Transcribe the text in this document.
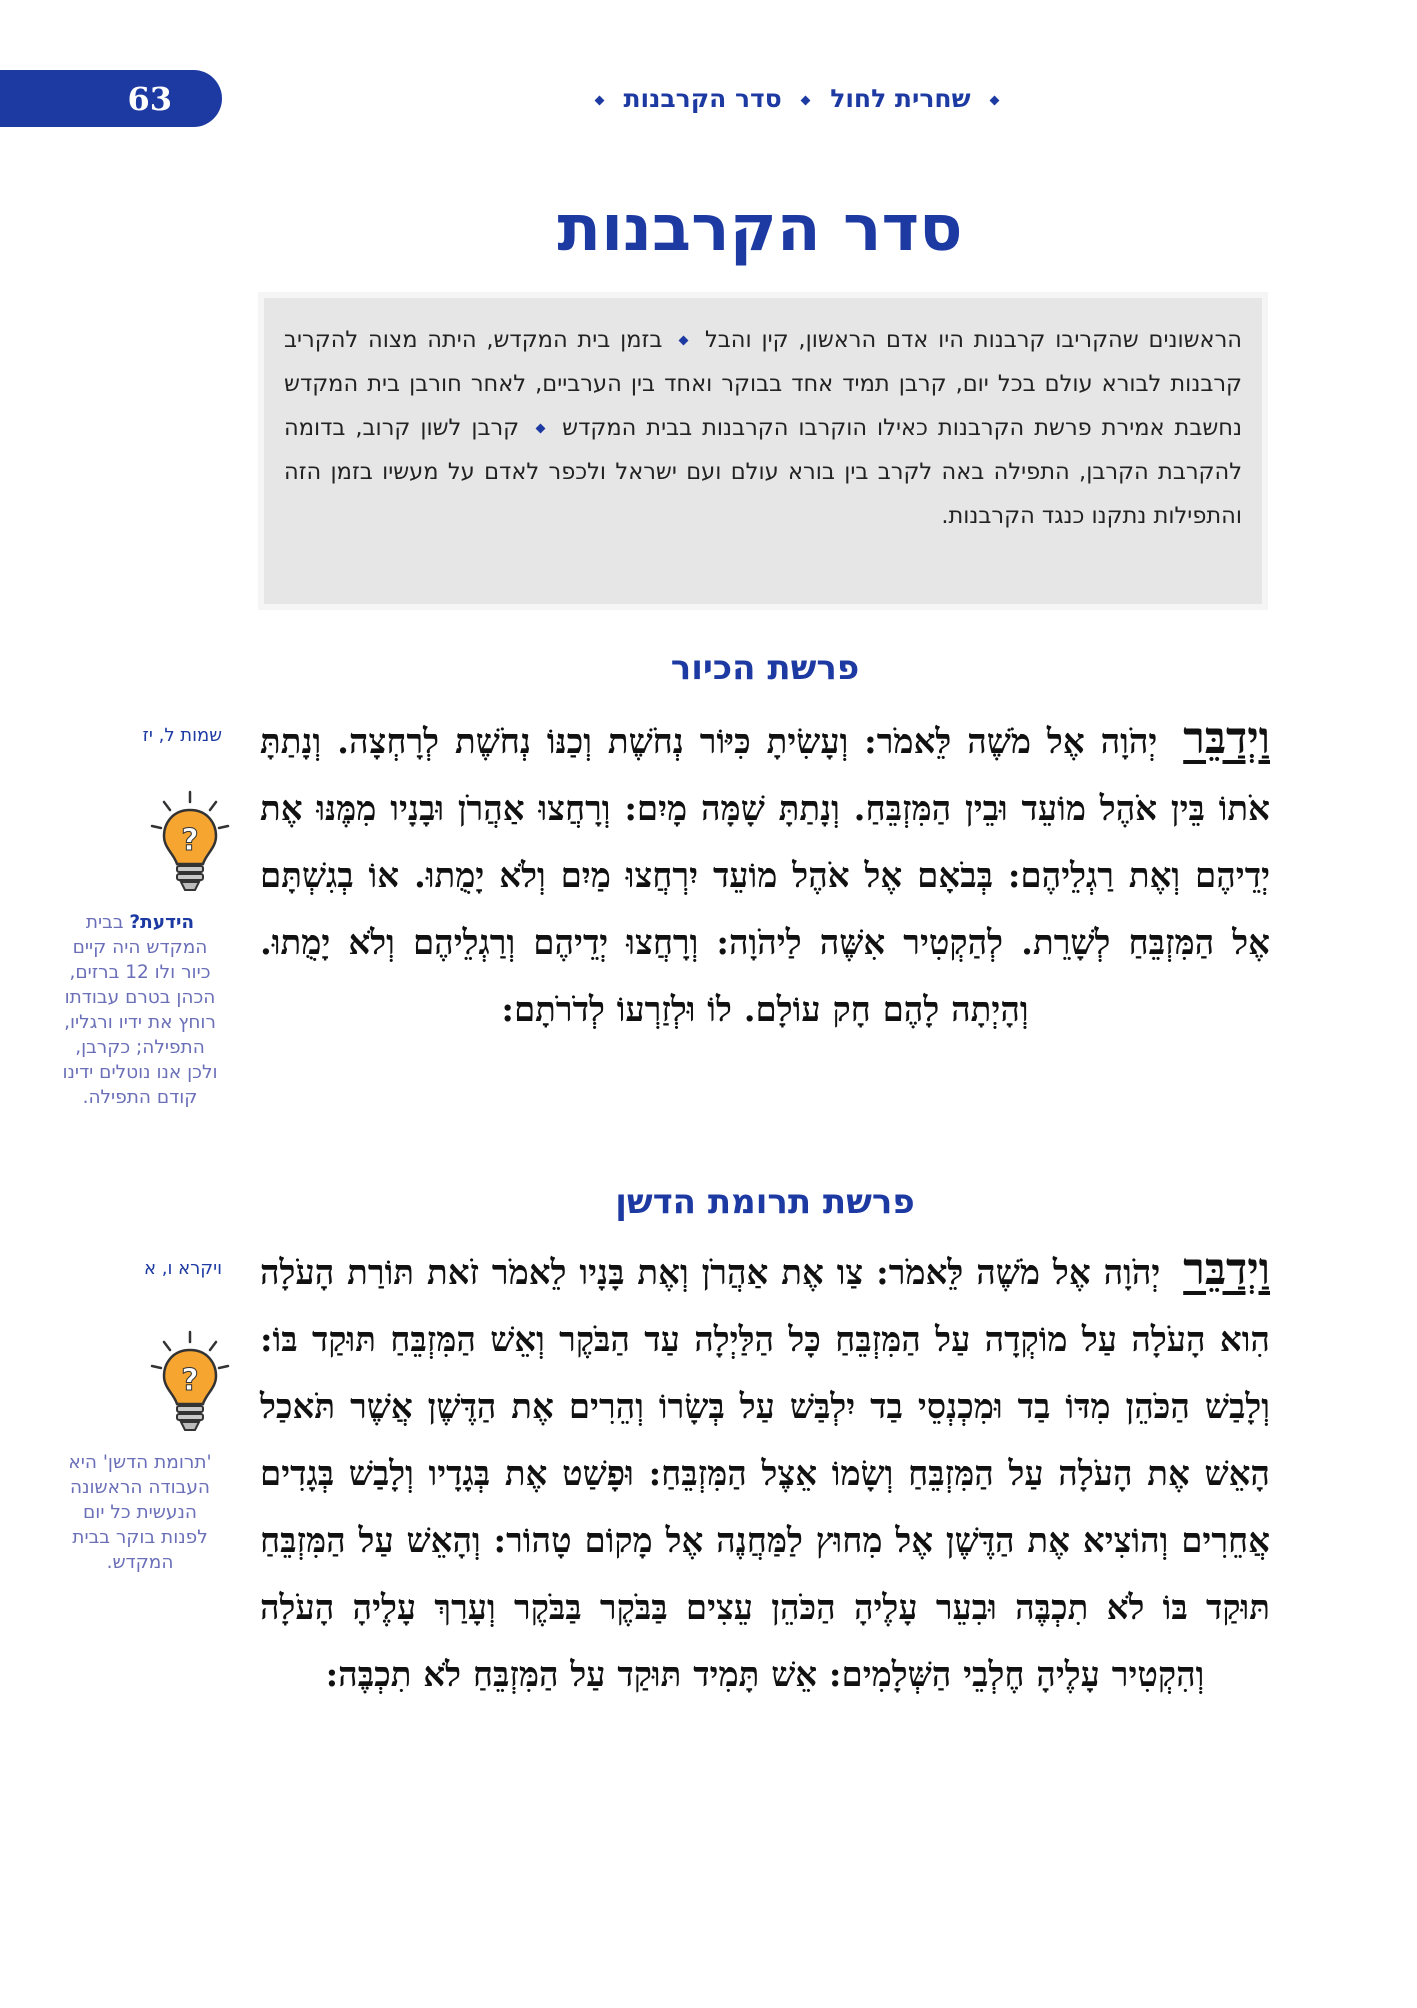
63	שחרית לחול  סדר הקרבנות
סדר הקרבנות

הראשונים שהקריבו קרבנות היו אדם הראשון, קין והבל  בזמן בית המקדש, היתה מצוה להקריב קרבנות לבורא עולם בכל יום, קרבן תמיד אחד בבוקר ואחד בין הערביים, לאחר חורבן בית המקדש נחשבת אמירת פרשת הקרבנות כאילו הוקרבו הקרבנות בבית המקדש  קרבן לשון קרוב, בדומה להקרבת הקרבן, התפילה באה לקרב בין בורא עולם ועם ישראל ולכפר לאדם על מעשיו בזמן הזה והתפילות נתקנו כנגד הקרבנות.

פרשת הכיור
שמות ל, יז	וַיְדַבֵּר יְהֹוָה אֶל מֹשֶׁה לֵּאמֹר: וְעָשִׂיתָ כִּיּוֹר נְחֹשֶׁת וְכַנּוֹ נְחֹשֶׁת לְרָחְצָה. וְנָתַתָּ אֹתוֹ בֵּין אֹהֶל מוֹעֵד וּבֵין הַמִּזְבֵּחַ. וְנָתַתָּ שָׁמָּה מָיִם: וְרָחֲצוּ אַהֲרֹן וּבָנָיו מִמֶּנּוּ אֶת יְדֵיהֶם וְאֶת רַגְלֵיהֶם: בְּבֹאָם אֶל אֹהֶל מוֹעֵד יִרְחֲצוּ מַיִם וְלֹא יָמֻתוּ. אוֹ בְגִשְׁתָּם אֶל הַמִּזְבֵּחַ לְשָׁרֵת. לְהַקְטִיר אִשֶּׁה לַיהֹוָה: וְרָחֲצוּ יְדֵיהֶם וְרַגְלֵיהֶם וְלֹא יָמֻתוּ. וְהָיְתָה לָהֶם חָק עוֹלָם. לוֹ וּלְזַרְעוֹ לְדֹרֹתָם:

?

הידעת? בבית המקדש היה קיים כיור ולו 12 ברזים, הכהן בטרם עבודתו רוחץ את ידיו ורגליו, התפילה; כקרבן, ולכן אנו נוטלים ידינו קודם התפילה.

פרשת תרומת הדשן
ויקרא ו, א	וַיְדַבֵּר יְהֹוָה אֶל מֹשֶׁה לֵּאמֹר: צַו אֶת אַהֲרֹן וְאֶת בָּנָיו לֵאמֹר זֹאת תּוֹרַת הָעֹלָה הִוא הָעֹלָה עַל מוֹקְדָה עַל הַמִּזְבֵּחַ כָּל הַלַּיְלָה עַד הַבֹּקֶר וְאֵשׁ הַמִּזְבֵּחַ תּוּקַד בּוֹ: וְלָבַשׁ הַכֹּהֵן מִדּוֹ בַד וּמִכְנְסֵי בַד יִלְבַּשׁ עַל בְּשָׂרוֹ וְהֵרִים אֶת הַדֶּשֶׁן אֲשֶׁר תֹּאכַל הָאֵשׁ אֶת הָעֹלָה עַל הַמִּזְבֵּחַ וְשָׂמוֹ אֵצֶל הַמִּזְבֵּחַ: וּפָשַׁט אֶת בְּגָדָיו וְלָבַשׁ בְּגָדִים אֲחֵרִים וְהוֹצִיא אֶת הַדֶּשֶׁן אֶל מִחוּץ לַמַּחֲנֶה אֶל מָקוֹם טָהוֹר: וְהָאֵשׁ עַל הַמִּזְבֵּחַ תּוּקַד בּוֹ לֹא תִכְבֶּה וּבִעֵר עָלֶיהָ הַכֹּהֵן עֵצִים בַּבֹּקֶר בַּבֹּקֶר וְעָרַךְ עָלֶיהָ הָעֹלָה וְהִקְטִיר עָלֶיהָ חֶלְבֵי הַשְּׁלָמִים: אֵשׁ תָּמִיד תּוּקַד עַל הַמִּזְבֵּחַ לֹא תִכְבֶּה:

?

'תרומת הדשן' היא העבודה הראשונה הנעשית כל יום לפנות בוקר בבית המקדש.
